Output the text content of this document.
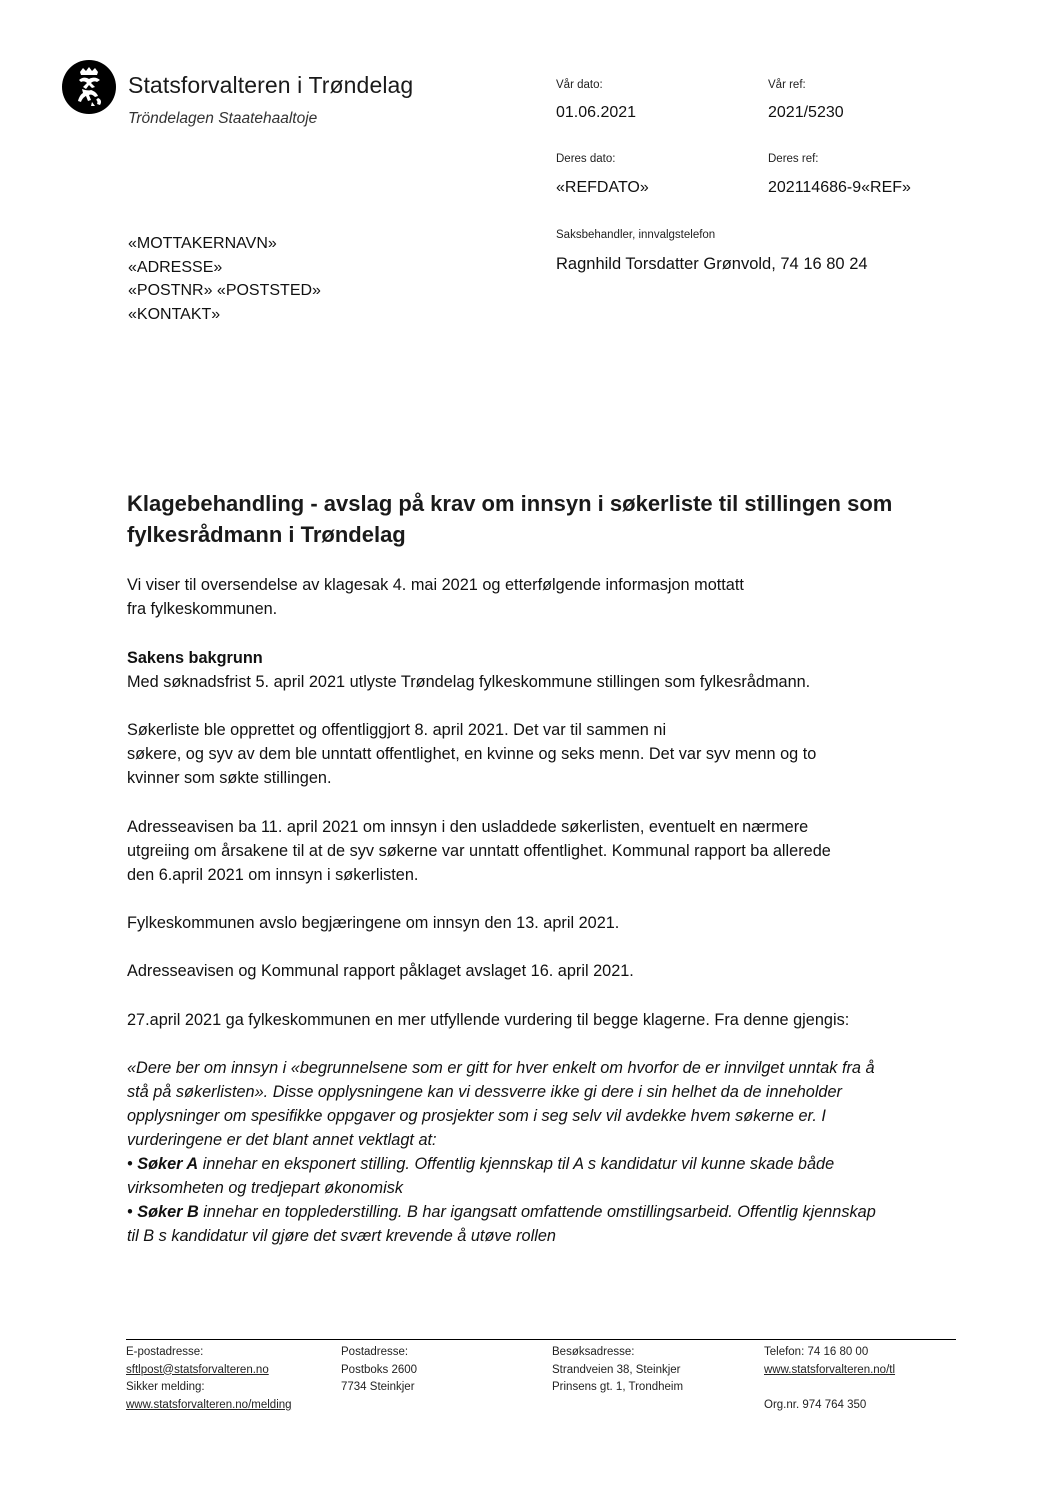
Statsforvalteren i Trøndelag
Tröndelagen Staatehaaltoje
Vår dato:
01.06.2021
Vår ref:
2021/5230
Deres dato:
«REFDATO»
Deres ref:
202114686-9«REF»
«MOTTAKERNAVN»
«ADRESSE»
«POSTNR» «POSTSTED»
«KONTAKT»
Saksbehandler, innvalgstelefon
Ragnhild Torsdatter Grønvold, 74 16 80 24
Klagebehandling - avslag på krav om innsyn i søkerliste til stillingen som
fylkesrådmann i Trøndelag
Vi viser til oversendelse av klagesak 4. mai 2021 og etterfølgende informasjon mottatt
fra fylkeskommunen.
Sakens bakgrunn
Med søknadsfrist 5. april 2021 utlyste Trøndelag fylkeskommune stillingen som fylkesrådmann.
Søkerliste ble opprettet og offentliggjort 8. april 2021. Det var til sammen ni
søkere, og syv av dem ble unntatt offentlighet, en kvinne og seks menn. Det var syv menn og to
kvinner som søkte stillingen.
Adresseavisen ba 11. april 2021 om innsyn i den usladdede søkerlisten, eventuelt en nærmere
utgreiing om årsakene til at de syv søkerne var unntatt offentlighet. Kommunal rapport ba allerede
den 6.april 2021 om innsyn i søkerlisten.
Fylkeskommunen avslo begjæringene om innsyn den 13. april 2021.
Adresseavisen og Kommunal rapport påklaget avslaget 16. april 2021.
27.april 2021 ga fylkeskommunen en mer utfyllende vurdering til begge klagerne. Fra denne gjengis:
«Dere ber om innsyn i «begrunnelsene som er gitt for hver enkelt om hvorfor de er innvilget unntak fra å
stå på søkerlisten». Disse opplysningene kan vi dessverre ikke gi dere i sin helhet da de inneholder
opplysninger om spesifikke oppgaver og prosjekter som i seg selv vil avdekke hvem søkerne er. I
vurderingene er det blant annet vektlagt at:
• Søker A innehar en eksponert stilling. Offentlig kjennskap til A s kandidatur vil kunne skade både
virksomheten og tredjepart økonomisk
• Søker B innehar en topplederstilling. B har igangsatt omfattende omstillingsarbeid. Offentlig kjennskap
til B s kandidatur vil gjøre det svært krevende å utøve rollen
E-postadresse:
sftlpost@statsforvalteren.no
Sikker melding:
www.statsforvalteren.no/melding
Postadresse:
Postboks 2600
7734 Steinkjer
Besøksadresse:
Strandveien 38, Steinkjer
Prinsens gt. 1, Trondheim
Telefon: 74 16 80 00
www.statsforvalteren.no/tl

Org.nr. 974 764 350
